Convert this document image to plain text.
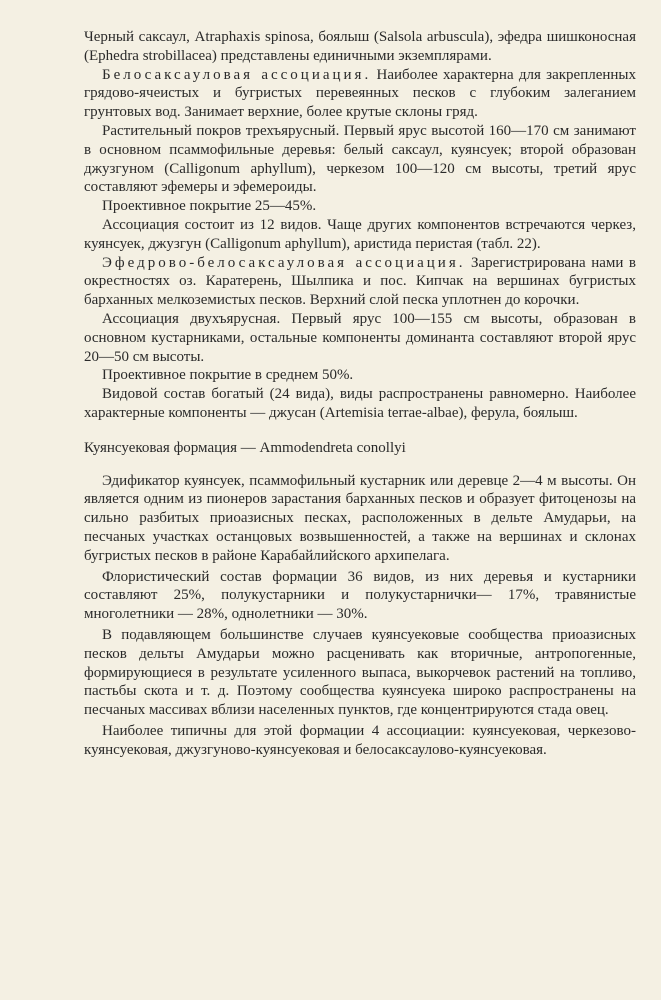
Черный саксаул, Atraphaxis spinosa, боялыш (Salsola arbuscula), эфедра шишконосная (Ephedra strobillacea) представлены единичными экземплярами.

Белосаксауловая ассоциация. Наиболее характерна для закрепленных грядово-ячеистых и бугристых перевеянных песков с глубоким залеганием грунтовых вод. Занимает верхние, более крутые склоны гряд.

Растительный покров трехъярусный. Первый ярус высотой 160—170 см занимают в основном псаммофильные деревья: белый саксаул, куянсуек; второй образован джузгуном (Calligonum aphyllum), черкезом 100—120 см высоты, третий ярус составляют эфемеры и эфемероиды.

Проективное покрытие 25—45%.

Ассоциация состоит из 12 видов. Чаще других компонентов встречаются черкез, куянсуек, джузгун (Calligonum aphyllum), аристида перистая (табл. 22).

Эфедрово-белосаксауловая ассоциация. Зарегистрирована нами в окрестностях оз. Каратерень, Шылпика и пос. Кипчак на вершинах бугристых барханных мелкоземистых песков. Верхний слой песка уплотнен до корочки.

Ассоциация двухъярусная. Первый ярус 100—155 см высоты, образован в основном кустарниками, остальные компоненты доминанта составляют второй ярус 20—50 см высоты.

Проективное покрытие в среднем 50%.

Видовой состав богатый (24 вида), виды распространены равномерно. Наиболее характерные компоненты — джусан (Artemisia terrae-albae), ферула, боялыш.

Куянсуековая формация — Ammodendreta conollyi

Эдификатор куянсуек, псаммофильный кустарник или деревце 2—4 м высоты. Он является одним из пионеров зарастания барханных песков и образует фитоценозы на сильно разбитых приоазисных песках, расположенных в дельте Амударьи, на песчаных участках останцовых возвышенностей, а также на вершинах и склонах бугристых песков в районе Карабайлийского архипелага.

Флористический состав формации 36 видов, из них деревья и кустарники составляют 25%, полукустарники и полукустарнички— 17%, травянистые многолетники — 28%, однолетники — 30%.

В подавляющем большинстве случаев куянсуековые сообщества приоазисных песков дельты Амударьи можно расценивать как вторичные, антропогенные, формирующиеся в результате усиленного выпаса, выкорчевок растений на топливо, пастьбы скота и т. д. Поэтому сообщества куянсуека широко распространены на песчаных массивах вблизи населенных пунктов, где концентрируются стада овец.

Наиболее типичны для этой формации 4 ассоциации: куянсуековая, черкезово-куянсуековая, джузгуново-куянсуековая и белосаксаулово-куянсуековая.
